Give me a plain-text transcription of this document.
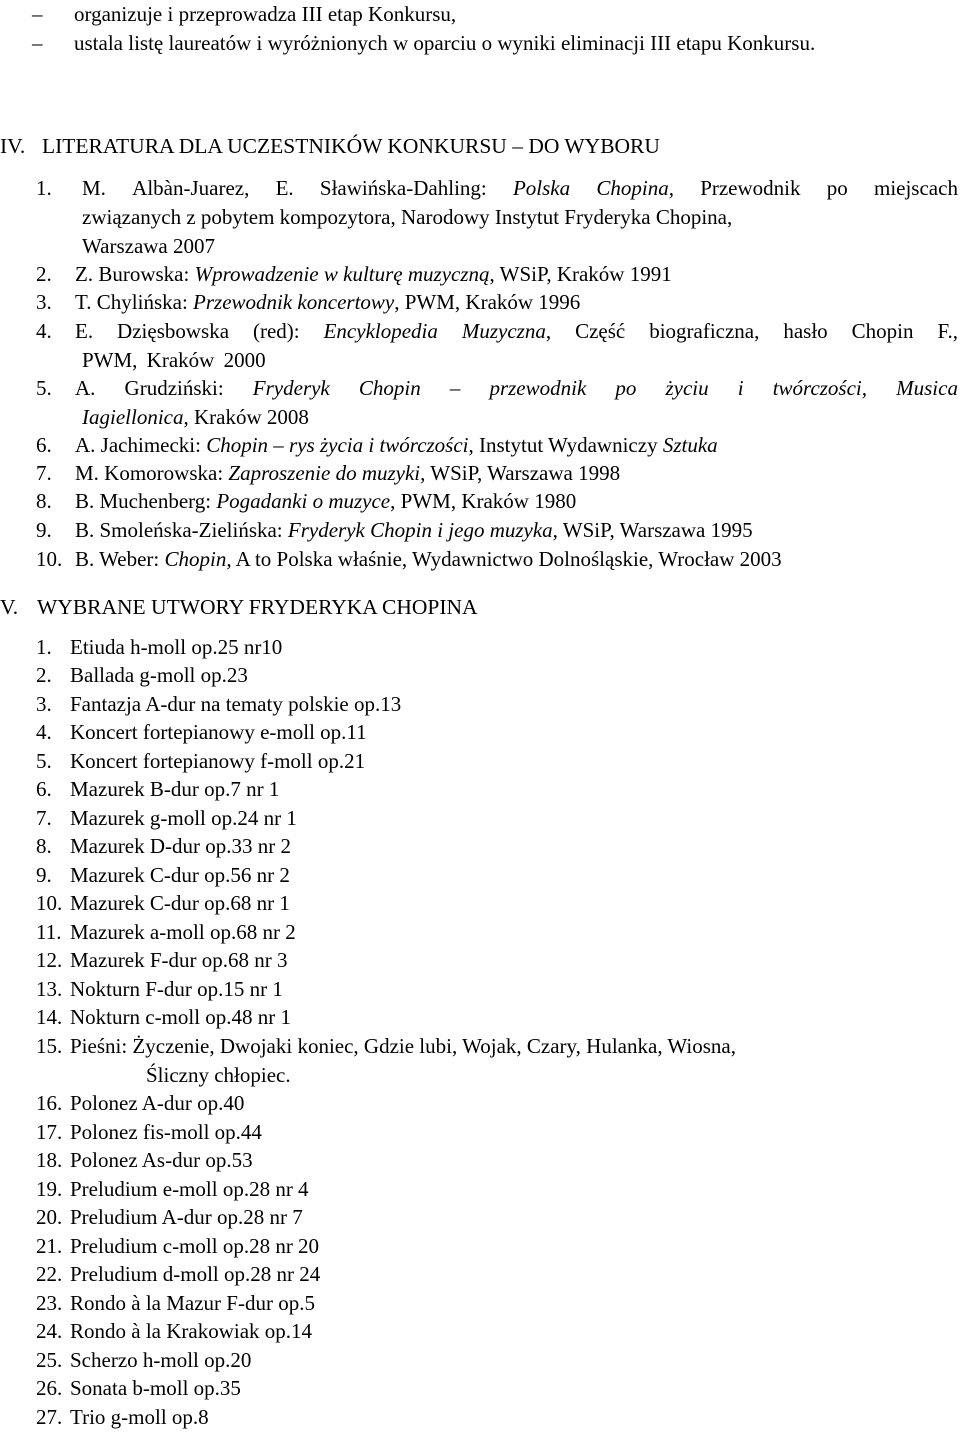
– organizuje i przeprowadza III etap Konkursu,
– ustala listę laureatów i wyróżnionych w oparciu o wyniki eliminacji III etapu Konkursu.
IV. LITERATURA DLA UCZESTNIKÓW KONKURSU – DO WYBORU
1. M. Albàn-Juarez, E. Sławińska-Dahling: Polska Chopina, Przewodnik po miejscach
związanych z pobytem kompozytora, Narodowy Instytut Fryderyka Chopina,
Warszawa 2007
2. Z. Burowska: Wprowadzenie w kulturę muzyczną, WSiP, Kraków 1991
3. T. Chylińska: Przewodnik koncertowy, PWM, Kraków 1996
4. E. Dzięsbowska (red): Encyklopedia Muzyczna, Część biograficzna, hasło Chopin F.,
PWM, Kraków 2000
5. A. Grudziński: Fryderyk Chopin – przewodnik po życiu i twórczości, Musica
Iagiellonica, Kraków 2008
6. A. Jachimecki: Chopin – rys życia i twórczości, Instytut Wydawniczy Sztuka
7. M. Komorowska: Zaproszenie do muzyki, WSiP, Warszawa 1998
8. B. Muchenberg: Pogadanki o muzyce, PWM, Kraków 1980
9. B. Smoleńska-Zielińska: Fryderyk Chopin i jego muzyka, WSiP, Warszawa 1995
10. B. Weber: Chopin, A to Polska właśnie, Wydawnictwo Dolnośląskie, Wrocław 2003
V. WYBRANE UTWORY FRYDERYKA CHOPINA
1. Etiuda h-moll op.25 nr10
2. Ballada g-moll op.23
3. Fantazja A-dur na tematy polskie op.13
4. Koncert fortepianowy e-moll op.11
5. Koncert fortepianowy f-moll op.21
6. Mazurek B-dur op.7 nr 1
7. Mazurek g-moll op.24 nr 1
8. Mazurek D-dur op.33 nr 2
9. Mazurek C-dur op.56 nr 2
10. Mazurek C-dur op.68 nr 1
11. Mazurek a-moll op.68 nr 2
12. Mazurek F-dur op.68 nr 3
13. Nokturn F-dur op.15 nr 1
14. Nokturn c-moll op.48 nr 1
15. Pieśni: Życzenie, Dwojaki koniec, Gdzie lubi, Wojak, Czary, Hulanka, Wiosna,
Śliczny chłopiec.
16. Polonez A-dur op.40
17. Polonez fis-moll op.44
18. Polonez As-dur op.53
19. Preludium e-moll op.28 nr 4
20. Preludium A-dur op.28 nr 7
21. Preludium c-moll op.28 nr 20
22. Preludium d-moll op.28 nr 24
23. Rondo à la Mazur F-dur op.5
24. Rondo à la Krakowiak op.14
25. Scherzo h-moll op.20
26. Sonata b-moll op.35
27. Trio g-moll op.8
